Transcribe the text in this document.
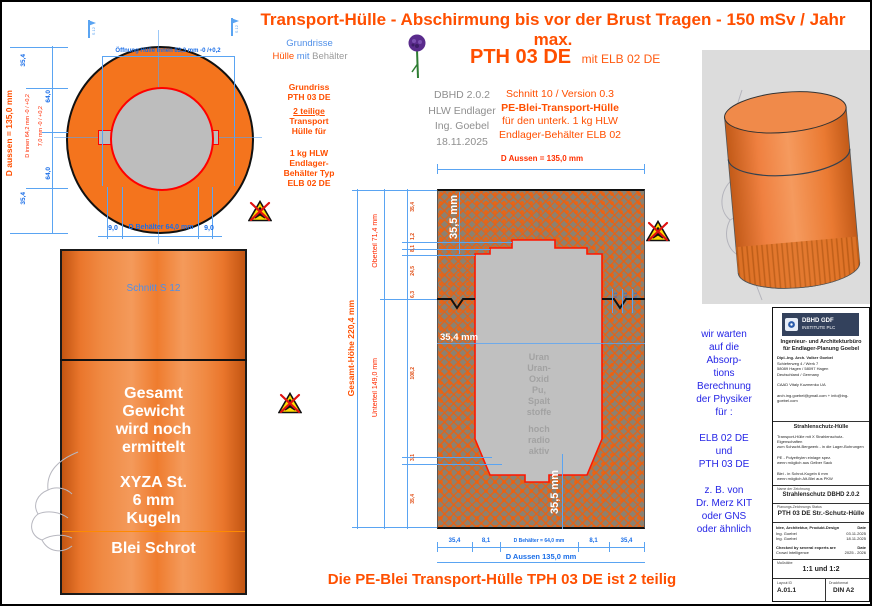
Transport-Hülle - Abschirmung bis vor der Brust Tragen - 150 mSv / Jahr max.
Öffnung Hülle Innen 82,3 mm -0 /+0,2
9,0	D Behälter 64,0 mm	9,0
D aussen = 135,0 mm D innen 64,2 mm -0 / +0,2 7,0 mm -0 / +0,2
35,4
64,0
64,0
35,4
S 12	S 12
Schnitt S 12
Gesamt
Gewicht
wird noch
ermittelt
XYZA St.
6 mm
Kugeln
Blei Schrot
Grundrisse
Hülle mit Behälter
Grundriss
PTH 03 DE
2 teilige
Transport
Hülle für
1 kg HLW
Endlager-
Behälter Typ
ELB 02 DE
DBHD 2.0.2
HLW Endlager
Ing. Goebel
18.11.2025
PTH 03 DE mit ELB 02 DE
Schnitt 10 / Version 0.3
PE-Blei-Transport-Hülle
für den unterk. 1 kg HLW
Endlager-Behälter ELB 02
D Aussen = 135,0 mm
35,5 mm
35,4 mm
35,5 mm
Uran
Uran-
Oxid
Pu,
Spalt
stoffe
hoch
radio
aktiv
Gesamt-Höhe 220,4 mm
Oberteil 71,4 mm
Unterteil 149,0 mm
35,4
1,2
8,1
24,5
6,3
108,2
3,1
35,4
8,1 6,1 5,1
35,4	8,1	D Behälter = 64,0 mm	8,1	35,4
D Aussen 135,0 mm
wir warten
auf die
Absorp-
tions
Berechnung
der Physiker
für :
ELB 02 DE
und
PTH 03 DE
z. B. von
Dr. Merz KIT
oder GNS
oder ähnlich
DBHD GDF
INSTITUTE PLC
Ingenieur- und Architekturbüro
für Endlager-Planung Goebel
Dipl.-Ing. Arch. Volker Goebel
Schieferweg 4 / Werk 7
58089 Hagen / 58097 Hagen
Deutschland / Germany
CAAD Vitaly Kuzmenko UA
arch.ing.goebel@gmail.com + info@ing-goebel.com
Strahlenschutz-Hülle
Transport-Hülle mit X Strahlenschutz-Eigenschaften
zum Schacht-Bergwerk - in die Lager-Bohrungen
PE - Polyethylen einlage spez.
wenn möglich aus Gelber Sack
Blei - in Schrot-Kugeln 6 mm
wenn möglich Alt-Blei aus PKW
Name der Zeichnung
Strahlenschutz DBHD 2.0.2
Planungs-Zeichnungs Status
PTH 03 DE Str.-Schutz-Hülle
Idee, Architektur, Produkt-Design	Date
Ing. Goebel	03.11.2025
Ing. Goebel	18.11.2025
Checked by several experts are	Date
Crowd Intelligence	2025 - 2026
Maßstäbe
1:1 und 1:2
Layout ID
A.01.1
Druckformat
DIN A2
Die PE-Blei Transport-Hülle TPH 03 DE ist 2 teilig
